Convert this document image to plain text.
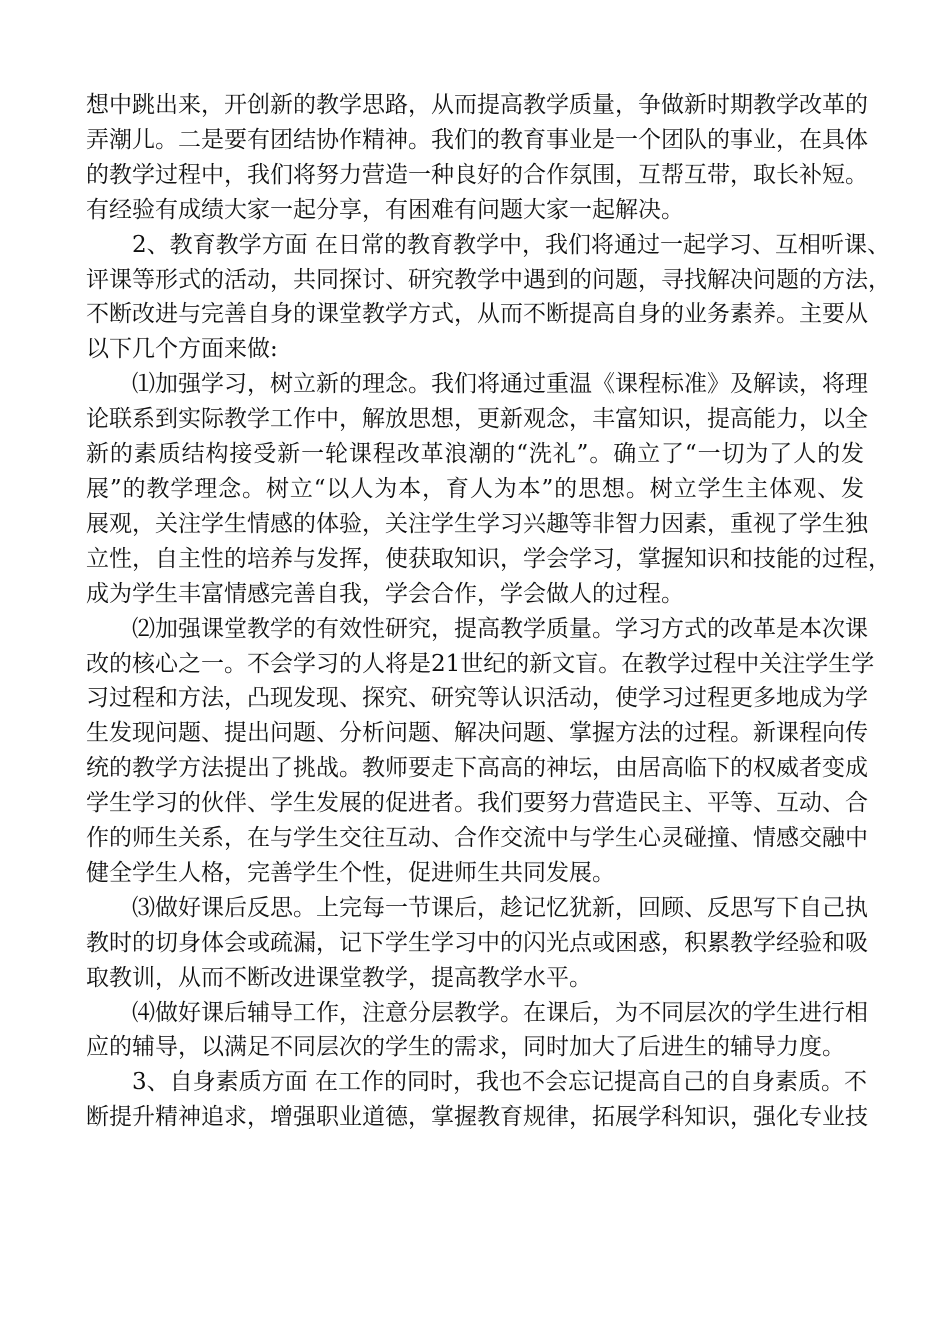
想中跳出来，开创新的教学思路，从而提高教学质量，争做新时期教学改革的
弄潮儿。二是要有团结协作精神。我们的教育事业是一个团队的事业，在具体
的教学过程中，我们将努力营造一种良好的合作氛围，互帮互带，取长补短。
有经验有成绩大家一起分享，有困难有问题大家一起解决。

2、教育教学方面 在日常的教育教学中，我们将通过一起学习、互相听课、
评课等形式的活动，共同探讨、研究教学中遇到的问题，寻找解决问题的方法，
不断改进与完善自身的课堂教学方式，从而不断提高自身的业务素养。主要从
以下几个方面来做:

⑴加强学习，树立新的理念。我们将通过重温《课程标准》及解读，将理
论联系到实际教学工作中，解放思想，更新观念，丰富知识，提高能力，以全
新的素质结构接受新一轮课程改革浪潮的“洗礼”。确立了“一切为了人的发
展”的教学理念。树立“以人为本，育人为本”的思想。树立学生主体观、发
展观，关注学生情感的体验，关注学生学习兴趣等非智力因素，重视了学生独
立性，自主性的培养与发挥，使获取知识，学会学习，掌握知识和技能的过程，
成为学生丰富情感完善自我，学会合作，学会做人的过程。

⑵加强课堂教学的有效性研究，提高教学质量。学习方式的改革是本次课
改的核心之一。不会学习的人将是21世纪的新文盲。在教学过程中关注学生学
习过程和方法，凸现发现、探究、研究等认识活动，使学习过程更多地成为学
生发现问题、提出问题、分析问题、解决问题、掌握方法的过程。新课程向传
统的教学方法提出了挑战。教师要走下高高的神坛，由居高临下的权威者变成
学生学习的伙伴、学生发展的促进者。我们要努力营造民主、平等、互动、合
作的师生关系，在与学生交往互动、合作交流中与学生心灵碰撞、情感交融中
健全学生人格，完善学生个性，促进师生共同发展。

⑶做好课后反思。上完每一节课后，趁记忆犹新，回顾、反思写下自己执
教时的切身体会或疏漏，记下学生学习中的闪光点或困惑，积累教学经验和吸
取教训，从而不断改进课堂教学，提高教学水平。

⑷做好课后辅导工作，注意分层教学。在课后，为不同层次的学生进行相
应的辅导，以满足不同层次的学生的需求，同时加大了后进生的辅导力度。

3、自身素质方面 在工作的同时，我也不会忘记提高自己的自身素质。不
断提升精神追求，增强职业道德，掌握教育规律，拓展学科知识，强化专业技
